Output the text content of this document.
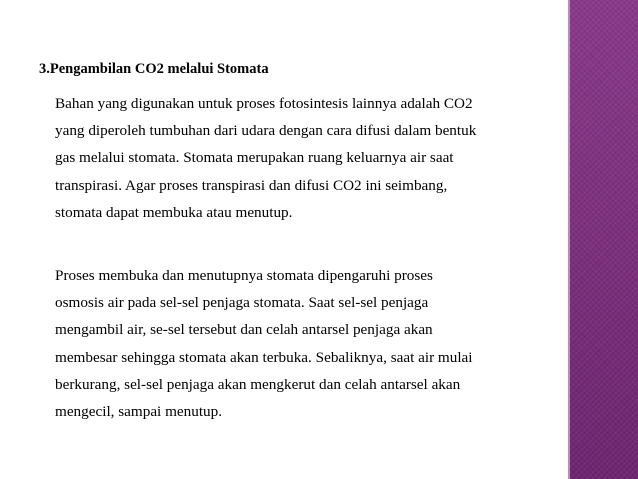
3.Pengambilan CO2 melalui Stomata

Bahan yang digunakan untuk proses fotosintesis lainnya adalah CO2
yang diperoleh tumbuhan dari udara dengan cara difusi dalam bentuk
gas melalui stomata. Stomata merupakan ruang keluarnya air saat
transpirasi. Agar proses transpirasi dan difusi CO2 ini seimbang,
stomata dapat membuka atau menutup.

Proses membuka dan menutupnya stomata dipengaruhi proses
osmosis air pada sel-sel penjaga stomata. Saat sel-sel penjaga
mengambil air, se-sel tersebut dan celah antarsel penjaga akan
membesar sehingga stomata akan terbuka. Sebaliknya, saat air mulai
berkurang, sel-sel penjaga akan mengkerut dan celah antarsel akan
mengecil, sampai menutup.
